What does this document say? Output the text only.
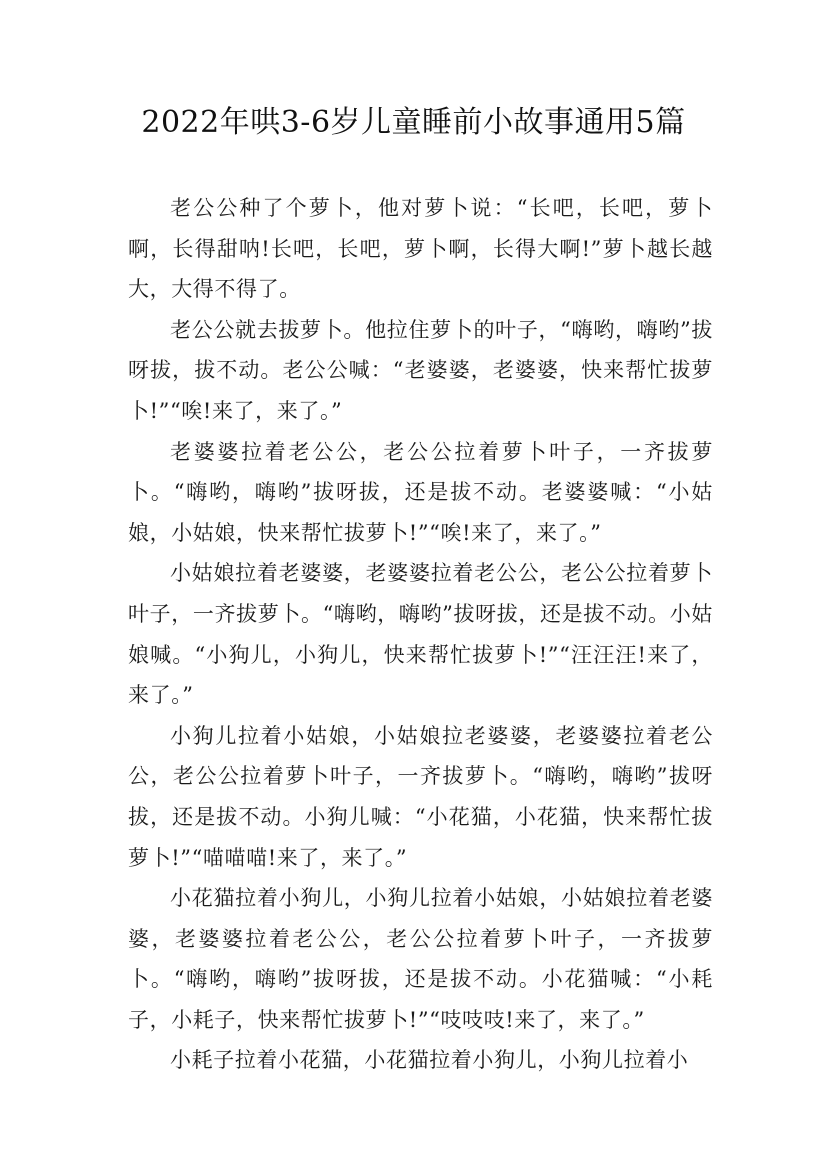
2022年哄3-6岁儿童睡前小故事通用5篇

老公公种了个萝卜，他对萝卜说：“长吧，长吧，萝卜啊，长得甜呐!长吧，长吧，萝卜啊，长得大啊!”萝卜越长越大，大得不得了。

老公公就去拔萝卜。他拉住萝卜的叶子，“嗨哟，嗨哟”拔呀拔，拔不动。老公公喊：“老婆婆，老婆婆，快来帮忙拔萝卜!”“唉!来了，来了。”

老婆婆拉着老公公，老公公拉着萝卜叶子，一齐拔萝卜。“嗨哟，嗨哟”拔呀拔，还是拔不动。老婆婆喊：“小姑娘，小姑娘，快来帮忙拔萝卜!”“唉!来了，来了。”

小姑娘拉着老婆婆，老婆婆拉着老公公，老公公拉着萝卜叶子，一齐拔萝卜。“嗨哟，嗨哟”拔呀拔，还是拔不动。小姑娘喊。“小狗儿，小狗儿，快来帮忙拔萝卜!”“汪汪汪!来了，来了。”

小狗儿拉着小姑娘，小姑娘拉老婆婆，老婆婆拉着老公公，老公公拉着萝卜叶子，一齐拔萝卜。“嗨哟，嗨哟”拔呀拔，还是拔不动。小狗儿喊：“小花猫，小花猫，快来帮忙拔萝卜!”“喵喵喵!来了，来了。”

小花猫拉着小狗儿，小狗儿拉着小姑娘，小姑娘拉着老婆婆，老婆婆拉着老公公，老公公拉着萝卜叶子，一齐拔萝卜。“嗨哟，嗨哟”拔呀拔，还是拔不动。小花猫喊：“小耗子，小耗子，快来帮忙拔萝卜!”“吱吱吱!来了，来了。”

小耗子拉着小花猫，小花猫拉着小狗儿，小狗儿拉着小
